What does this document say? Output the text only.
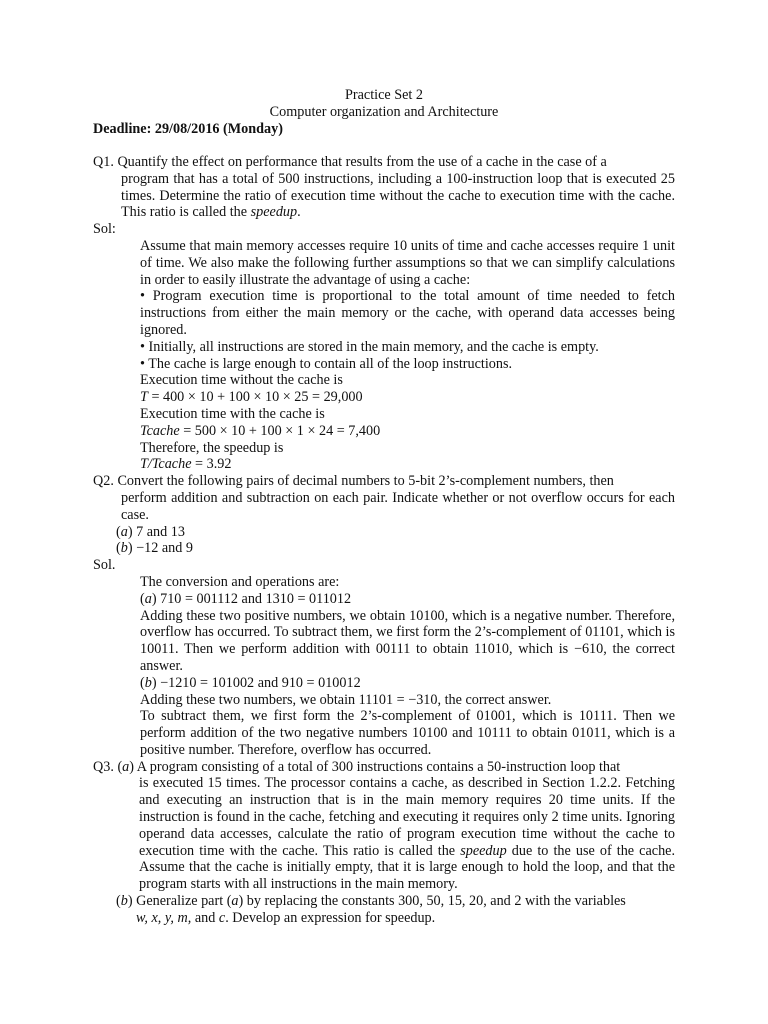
Practice Set 2
Computer organization and Architecture
Deadline: 29/08/2016 (Monday)
Q1. Quantify the effect on performance that results from the use of a cache in the case of a
program that has a total of 500 instructions, including a 100-instruction loop that is executed 25 times. Determine the ratio of execution time without the cache to execution time with the cache. This ratio is called the speedup.
Sol:
Assume that main memory accesses require 10 units of time and cache accesses require 1 unit of time. We also make the following further assumptions so that we can simplify calculations in order to easily illustrate the advantage of using a cache:
• Program execution time is proportional to the total amount of time needed to fetch instructions from either the main memory or the cache, with operand data accesses being ignored.
• Initially, all instructions are stored in the main memory, and the cache is empty.
• The cache is large enough to contain all of the loop instructions.
Execution time without the cache is
T = 400 × 10 + 100 × 10 × 25 = 29,000
Execution time with the cache is
Tcache = 500 × 10 + 100 × 1 × 24 = 7,400
Therefore, the speedup is
T/Tcache = 3.92
Q2. Convert the following pairs of decimal numbers to 5-bit 2’s-complement numbers, then
perform addition and subtraction on each pair. Indicate whether or not overflow occurs for each case.
(a) 7 and 13
(b) −12 and 9
Sol.
The conversion and operations are:
(a) 710 = 001112 and 1310 = 011012
Adding these two positive numbers, we obtain 10100, which is a negative number. Therefore, overflow has occurred. To subtract them, we first form the 2’s-complement of 01101, which is 10011. Then we perform addition with 00111 to obtain 11010, which is −610, the correct answer.
(b) −1210 = 101002 and 910 = 010012
Adding these two numbers, we obtain 11101 = −310, the correct answer.
To subtract them, we first form the 2’s-complement of 01001, which is 10111. Then we perform addition of the two negative numbers 10100 and 10111 to obtain 01011, which is a positive number. Therefore, overflow has occurred.
Q3. (a) A program consisting of a total of 300 instructions contains a 50-instruction loop that
is executed 15 times. The processor contains a cache, as described in Section 1.2.2. Fetching and executing an instruction that is in the main memory requires 20 time units. If the instruction is found in the cache, fetching and executing it requires only 2 time units. Ignoring operand data accesses, calculate the ratio of program execution time without the cache to execution time with the cache. This ratio is called the speedup due to the use of the cache. Assume that the cache is initially empty, that it is large enough to hold the loop, and that the program starts with all instructions in the main memory.
(b) Generalize part (a) by replacing the constants 300, 50, 15, 20, and 2 with the variables
w, x, y, m, and c. Develop an expression for speedup.
